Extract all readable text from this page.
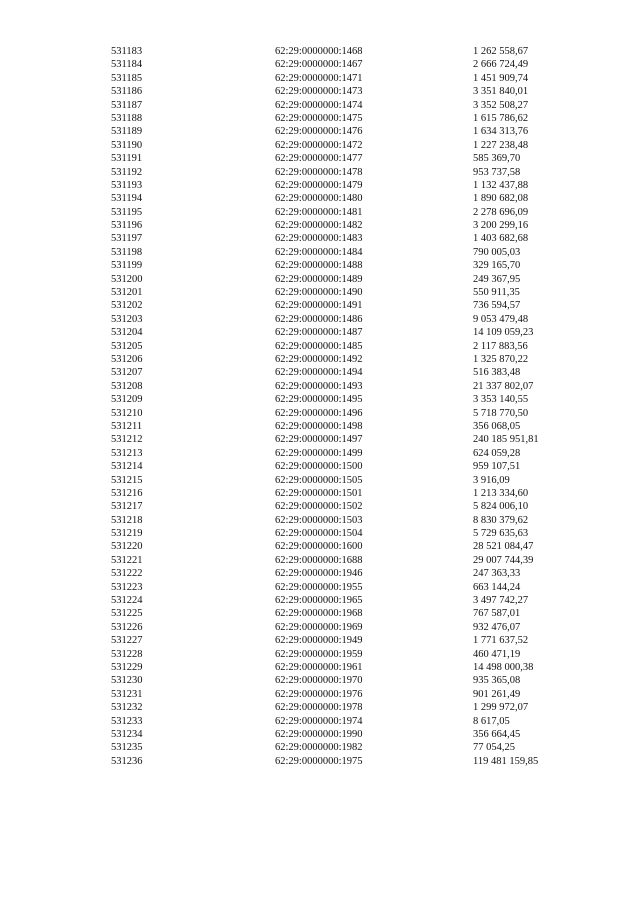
531183	62:29:0000000:1468	1 262 558,67
531184	62:29:0000000:1467	2 666 724,49
531185	62:29:0000000:1471	1 451 909,74
531186	62:29:0000000:1473	3 351 840,01
531187	62:29:0000000:1474	3 352 508,27
531188	62:29:0000000:1475	1 615 786,62
531189	62:29:0000000:1476	1 634 313,76
531190	62:29:0000000:1472	1 227 238,48
531191	62:29:0000000:1477	585 369,70
531192	62:29:0000000:1478	953 737,58
531193	62:29:0000000:1479	1 132 437,88
531194	62:29:0000000:1480	1 890 682,08
531195	62:29:0000000:1481	2 278 696,09
531196	62:29:0000000:1482	3 200 299,16
531197	62:29:0000000:1483	1 403 682,68
531198	62:29:0000000:1484	790 005,03
531199	62:29:0000000:1488	329 165,70
531200	62:29:0000000:1489	249 367,95
531201	62:29:0000000:1490	550 911,35
531202	62:29:0000000:1491	736 594,57
531203	62:29:0000000:1486	9 053 479,48
531204	62:29:0000000:1487	14 109 059,23
531205	62:29:0000000:1485	2 117 883,56
531206	62:29:0000000:1492	1 325 870,22
531207	62:29:0000000:1494	516 383,48
531208	62:29:0000000:1493	21 337 802,07
531209	62:29:0000000:1495	3 353 140,55
531210	62:29:0000000:1496	5 718 770,50
531211	62:29:0000000:1498	356 068,05
531212	62:29:0000000:1497	240 185 951,81
531213	62:29:0000000:1499	624 059,28
531214	62:29:0000000:1500	959 107,51
531215	62:29:0000000:1505	3 916,09
531216	62:29:0000000:1501	1 213 334,60
531217	62:29:0000000:1502	5 824 006,10
531218	62:29:0000000:1503	8 830 379,62
531219	62:29:0000000:1504	5 729 635,63
531220	62:29:0000000:1600	28 521 084,47
531221	62:29:0000000:1688	29 007 744,39
531222	62:29:0000000:1946	247 363,33
531223	62:29:0000000:1955	663 144,24
531224	62:29:0000000:1965	3 497 742,27
531225	62:29:0000000:1968	767 587,01
531226	62:29:0000000:1969	932 476,07
531227	62:29:0000000:1949	1 771 637,52
531228	62:29:0000000:1959	460 471,19
531229	62:29:0000000:1961	14 498 000,38
531230	62:29:0000000:1970	935 365,08
531231	62:29:0000000:1976	901 261,49
531232	62:29:0000000:1978	1 299 972,07
531233	62:29:0000000:1974	8 617,05
531234	62:29:0000000:1990	356 664,45
531235	62:29:0000000:1982	77 054,25
531236	62:29:0000000:1975	119 481 159,85
